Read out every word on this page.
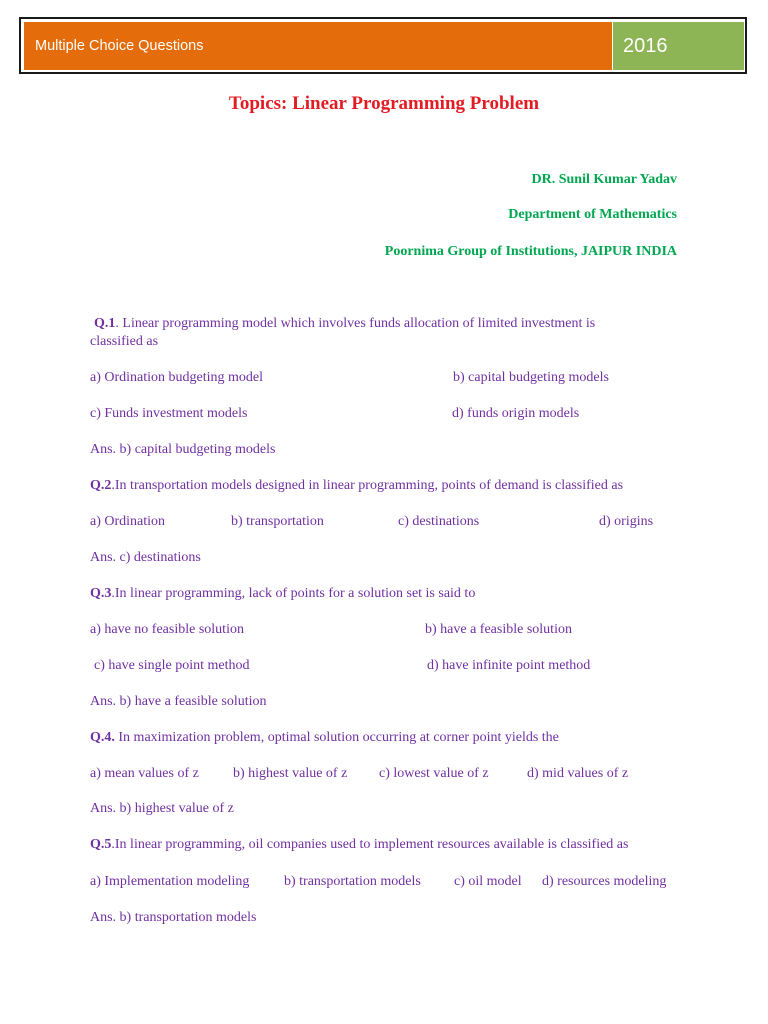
Multiple Choice Questions	2016
Topics: Linear Programming Problem
DR. Sunil Kumar Yadav
Department of Mathematics
Poornima Group of Institutions, JAIPUR INDIA
Q.1. Linear programming model which involves funds allocation of limited investment is classified as
a) Ordination budgeting model	b) capital budgeting models
c) Funds investment models	d) funds origin models
Ans. b) capital budgeting models
Q.2.In transportation models designed in linear programming, points of demand is classified as
a) Ordination	b) transportation	c) destinations	d) origins
Ans. c) destinations
Q.3.In linear programming, lack of points for a solution set is said to
a) have no feasible solution	b) have a feasible solution
c) have single point method	d) have infinite point method
Ans. b) have a feasible solution
Q.4. In maximization problem, optimal solution occurring at corner point yields the
a) mean values of z b) highest value of z c) lowest value of z	d) mid values of z
Ans. b) highest value of z
Q.5.In linear programming, oil companies used to implement resources available is classified as
a) Implementation modeling b) transportation models c) oil model d) resources modeling
Ans. b) transportation models
